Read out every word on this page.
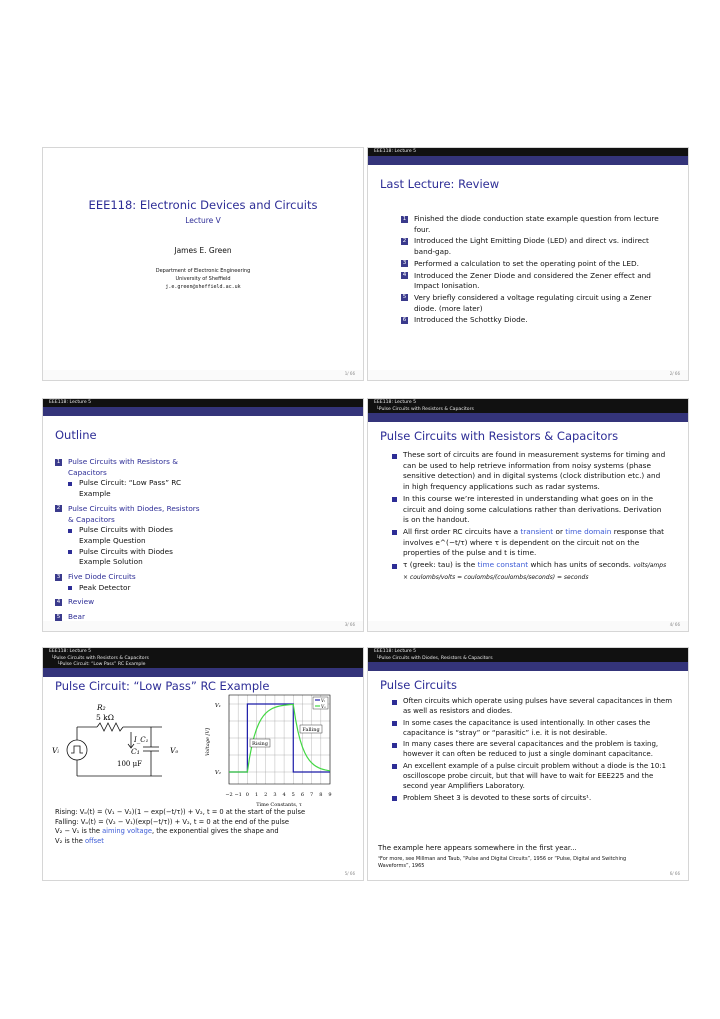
EEE118: Electronic Devices and Circuits
Lecture V
James E. Green
Department of Electronic Engineering
University of Sheffield
j.e.green@sheffield.ac.uk
1/ 66
EEE118: Lecture 5
Last Lecture: Review
1 Finished the diode conduction state example question from lecture four.
2 Introduced the Light Emitting Diode (LED) and direct vs. indirect band-gap.
3 Performed a calculation to set the operating point of the LED.
4 Introduced the Zener Diode and considered the Zener effect and Impact Ionisation.
5 Very briefly considered a voltage regulating circuit using a Zener diode. (more later)
6 Introduced the Schottky Diode.
2/ 66
EEE118: Lecture 5
Outline
1 Pulse Circuits with Resistors & Capacitors
Pulse Circuit: “Low Pass” RC Example
2 Pulse Circuits with Diodes, Resistors & Capacitors
Pulse Circuits with Diodes Example Question
Pulse Circuits with Diodes Example Solution
3 Five Diode Circuits
Peak Detector
4 Review
5 Bear
3/ 66
EEE118: Lecture 5
└Pulse Circuits with Resistors & Capacitors
Pulse Circuits with Resistors & Capacitors
These sort of circuits are found in measurement systems for timing and can be used to help retrieve information from noisy systems (phase sensitive detection) and in digital systems (clock distribution etc.) and in high frequency applications such as radar systems.
In this course we’re interested in understanding what goes on in the circuit and doing some calculations rather than derivations. Derivation is on the handout.
All first order RC circuits have a transient or time domain response that involves e^(−t/τ) where τ is dependent on the circuit not on the properties of the pulse and t is time.
τ (greek: tau) is the time constant which has units of seconds. volts/amps × coulombs/volts = coulombs/(coulombs/seconds) = seconds
4/ 66
EEE118: Lecture 5
└Pulse Circuits with Resistors & Capacitors
└Pulse Circuit: “Low Pass” RC Example
Pulse Circuit: “Low Pass” RC Example
R₂
5 kΩ
I_C₁
C₁
100 μF
Vᵢ	Vₒ
V₁
V₂
Voltage [V]
−2 −1 0 1 2 3 4 5 6 7 8 9
Time Constants, τ
Vᵢ
Vₒ
Rising
Falling
Rising: Vₒ(t) = (V₁ − V₂)(1 − exp(−t/τ)) + V₂, t = 0 at the start of the pulse
Falling: Vₒ(t) = (V₂ − V₁)(exp(−t/τ)) + V₂, t = 0 at the end of the pulse
V₂ − V₁ is the aiming voltage, the exponential gives the shape and
V₂ is the offset
5/ 66
EEE118: Lecture 5
└Pulse Circuits with Diodes, Resistors & Capacitors
Pulse Circuits
Often circuits which operate using pulses have several capacitances in them as well as resistors and diodes.
In some cases the capacitance is used intentionally. In other cases the capacitance is “stray” or “parasitic” i.e. it is not desirable.
In many cases there are several capacitances and the problem is taxing, however it can often be reduced to just a single dominant capacitance.
An excellent example of a pulse circuit problem without a diode is the 10:1 oscilloscope probe circuit, but that will have to wait for EEE225 and the second year Amplifiers Laboratory.
Problem Sheet 3 is devoted to these sorts of circuits¹.
The example here appears somewhere in the first year...
¹For more, see Millman and Taub, “Pulse and Digital Circuits”, 1956 or “Pulse, Digital and Switching Waveforms”, 1965
6/ 66
